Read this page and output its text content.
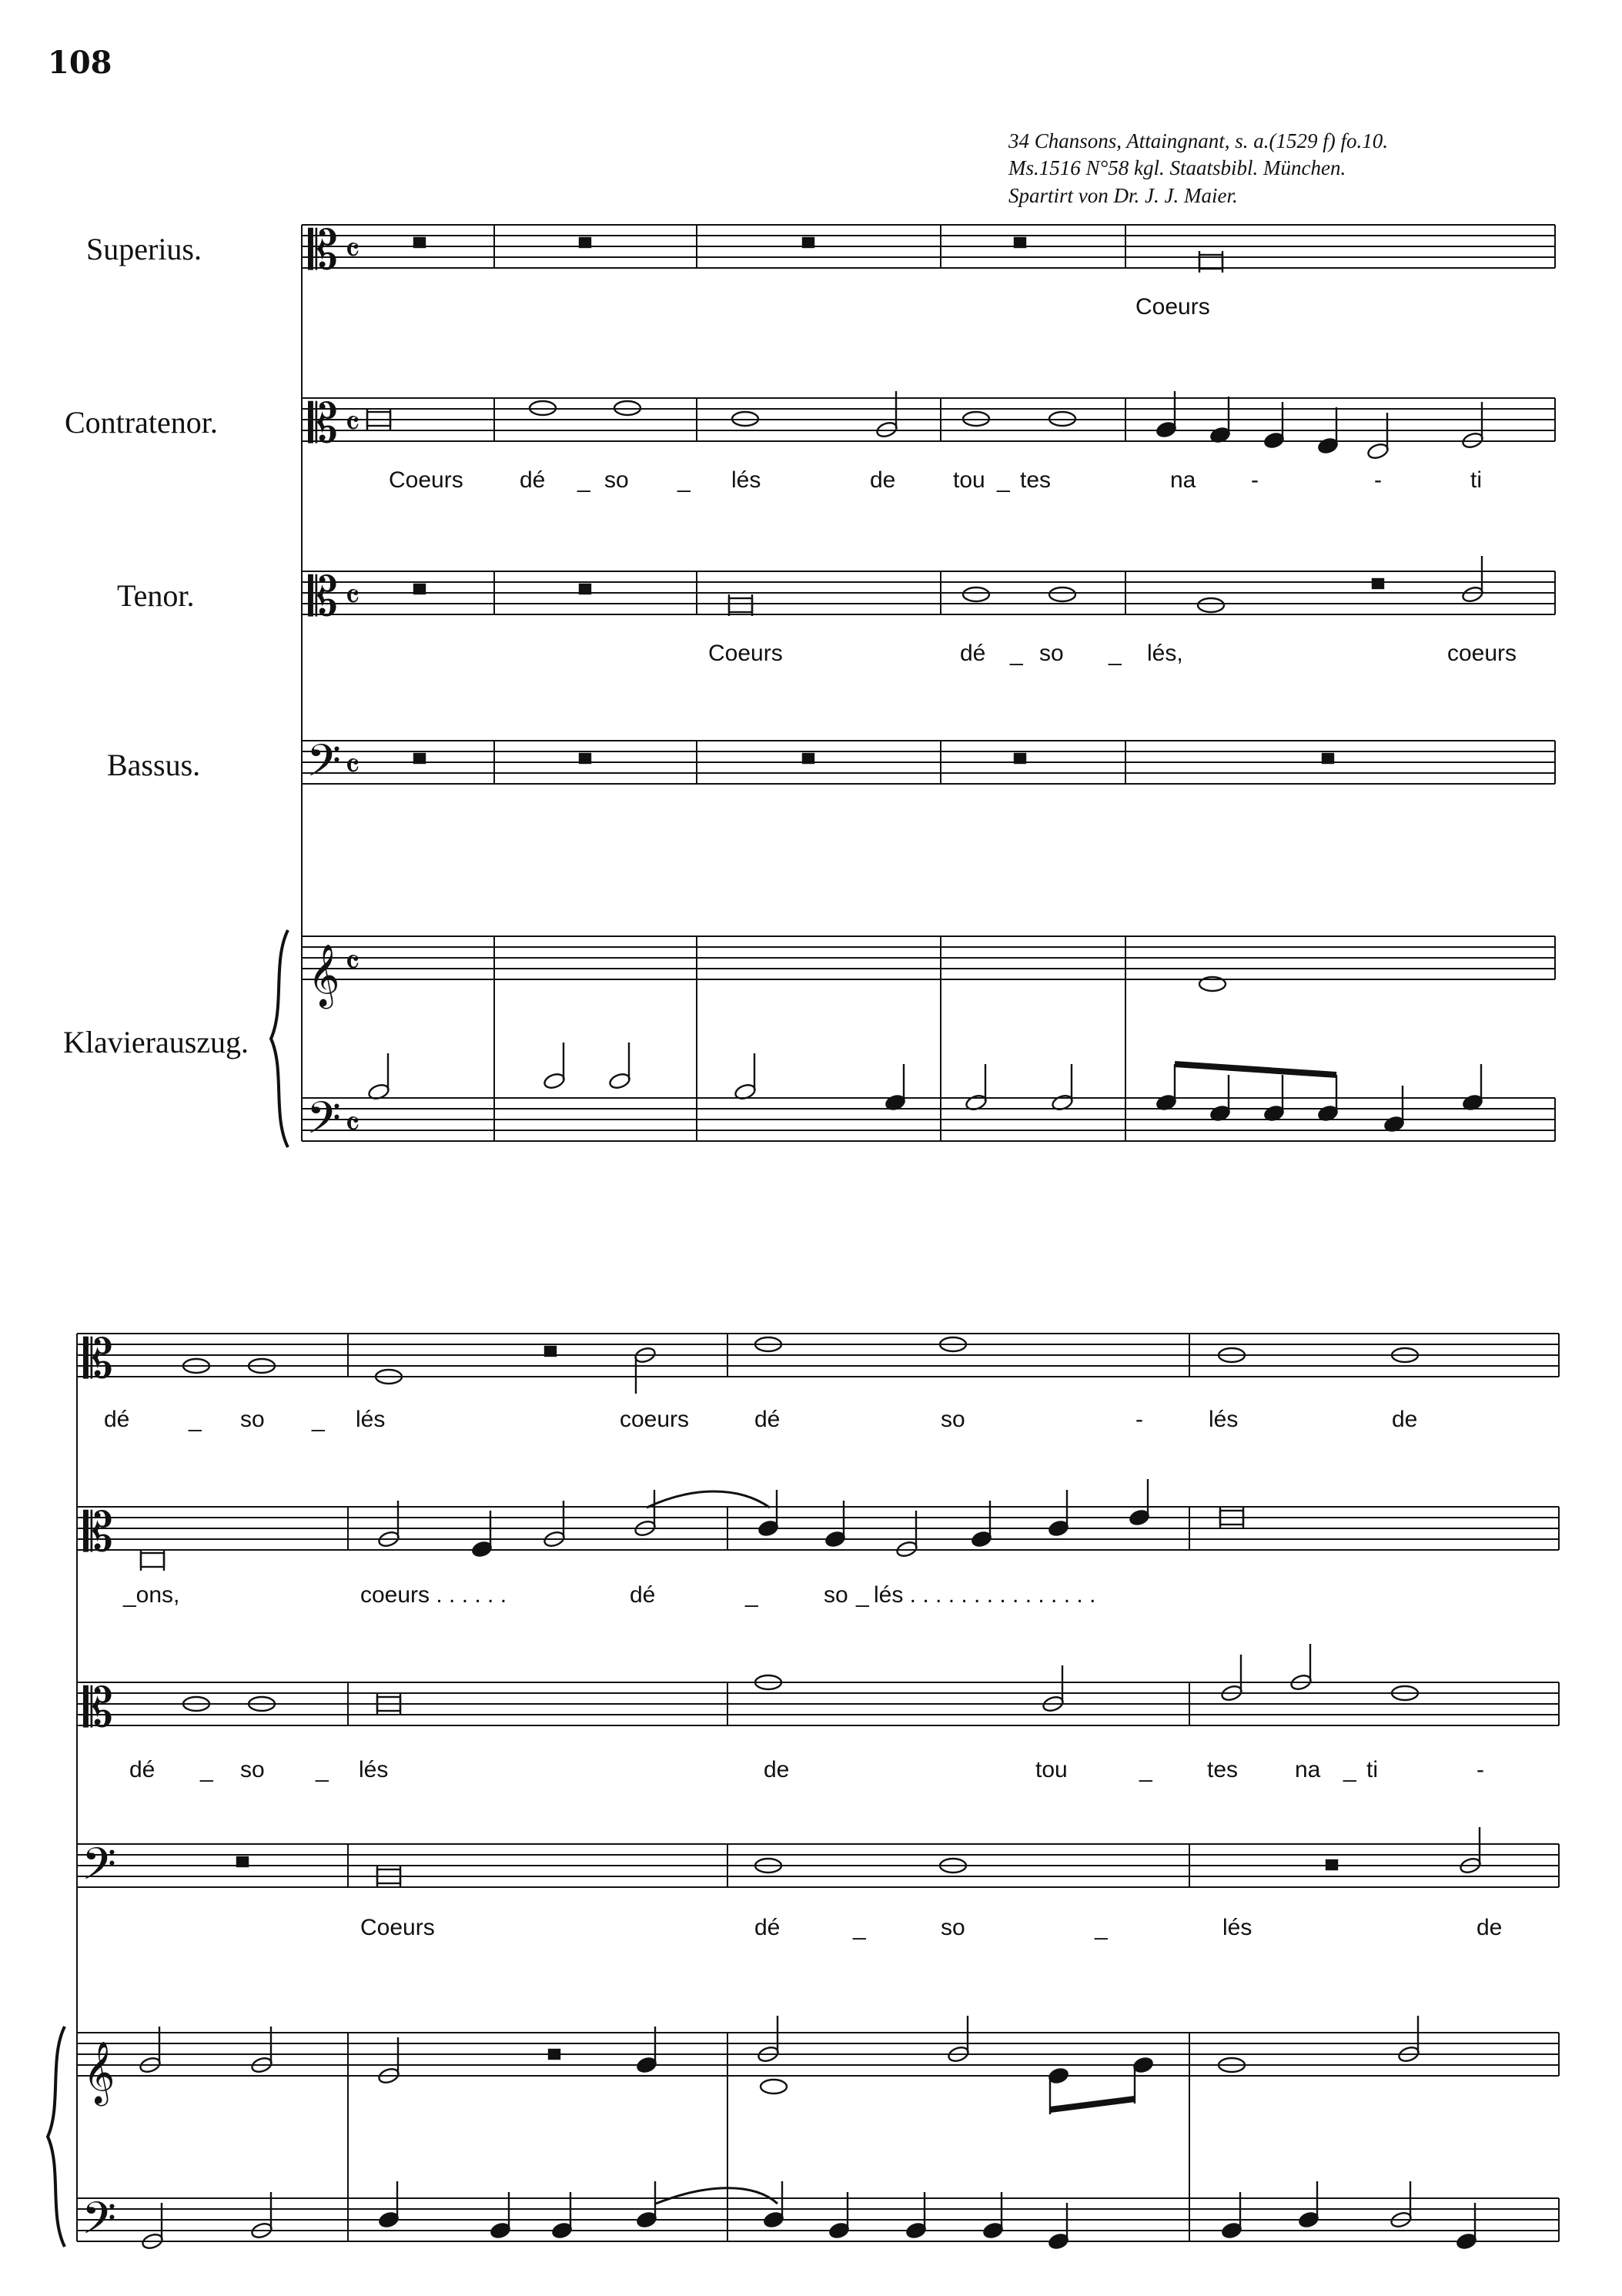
108
34 Chansons, Attaingnant, s. a.(1529 f) fo.10.
Ms.1516 N°58 kgl. Staatsbibl. München.
Spartirt von Dr. J. J. Maier.
Superius.
Contratenor.
Tenor.
Bassus.
Klavierauszug.
Coeurs
Coeurs dé _ so _ lés	de tou _ tes	na -	-	ti
Coeurs	dé _ so _ lés,	coeurs
dé	_ so _ lés	coeurs	dé	so	-	lés	de
_ons,	coeurs . . . . . .	dé	_	so _ lés . . . . . . . . . . . . . . .
dé _ so _ lés	de	tou	_ tes na _ ti	-
Coeurs	dé	_	so	_	lés	de
𝄡
𝄡
𝄡
𝄢
𝄞
𝄢
𝄴
𝄴
𝄴
𝄴
𝄴
𝄴
𝄡
𝄡
𝄡
𝄢
𝄞
𝄢
